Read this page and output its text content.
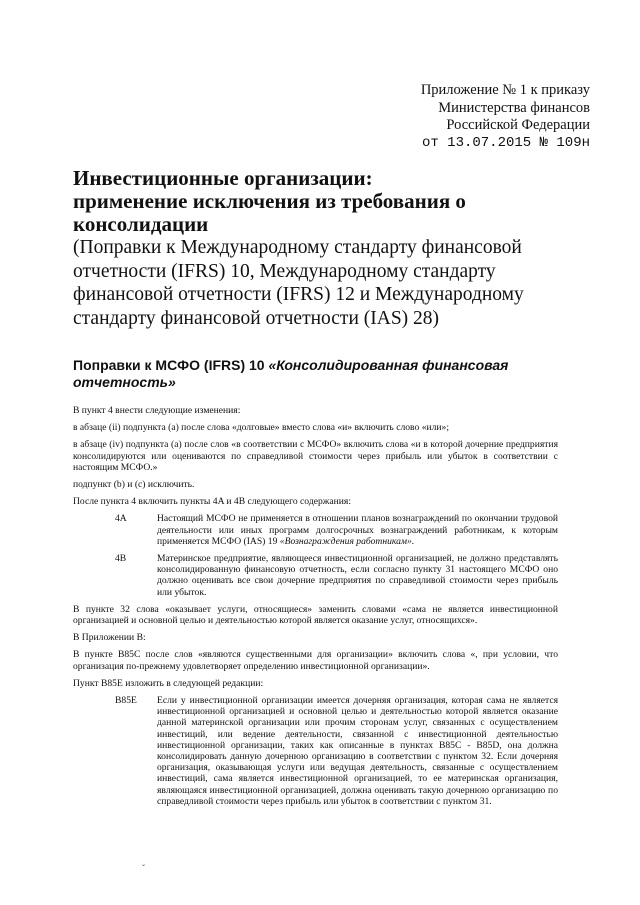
Приложение № 1 к приказу
Министерства финансов
Российской Федерации
от 13.07.2015 № 109н

Инвестиционные организации:

применение исключения из требования о

консолидации

(Поправки к Международному стандарту финансовой

отчетности (IFRS) 10, Международному стандарту

финансовой отчетности (IFRS) 12 и Международному

стандарту финансовой отчетности (IAS) 28)

Поправки к МСФО (IFRS) 10 «Консолидированная финансовая отчетность»

В пункт 4 внести следующие изменения:

в абзаце (ii) подпункта (a) после слова «долговые» вместо слова «и» включить слово «или»;

в абзаце (iv) подпункта (a) после слов «в соответствии с МСФО» включить слова «и в которой дочерние предприятия консолидируются или оцениваются по справедливой стоимости через прибыль или убыток в соответствии с настоящим МСФО.»

подпункт (b) и (c) исключить.

После пункта 4 включить пункты 4A и 4B следующего содержания:

4A	Настоящий МСФО не применяется в отношении планов вознаграждений по окончании трудовой деятельности или иных программ долгосрочных вознаграждений работникам, к которым применяется МСФО (IAS) 19 «Вознаграждения работникам».
4B	Материнское предприятие, являющееся инвестиционной организацией, не должно представлять консолидированную финансовую отчетность, если согласно пункту 31 настоящего МСФО оно должно оценивать все свои дочерние предприятия по справедливой стоимости через прибыль или убыток.

В пункте 32 слова «оказывает услуги, относящиеся» заменить словами «сама не является инвестиционной организацией и основной целью и деятельностью которой является оказание услуг, относящихся».

В Приложении B:

В пункте B85C после слов «являются существенными для организации» включить слова «, при условии, что организация по-прежнему удовлетворяет определению инвестиционной организации».

Пункт B85E изложить в следующей редакции:

B85E	Если у инвестиционной организации имеется дочерняя организация, которая сама не является инвестиционной организацией и основной целью и деятельностью которой является оказание данной материнской организации или прочим сторонам услуг, связанных с осуществлением инвестиций, или ведение деятельности, связанной с инвестиционной деятельностью инвестиционной организации, таких как описанные в пунктах B85C - B85D, она должна консолидировать данную дочернюю организацию в соответствии с пунктом 32. Если дочерняя организация, оказывающая услуги или ведущая деятельность, связанные с осуществлением инвестиций, сама является инвестиционной организацией, то ее материнская организация, являющаяся инвестиционной организацией, должна оценивать такую дочернюю организацию по справедливой стоимости через прибыль или убыток в соответствии с пунктом 31.
ˇ
